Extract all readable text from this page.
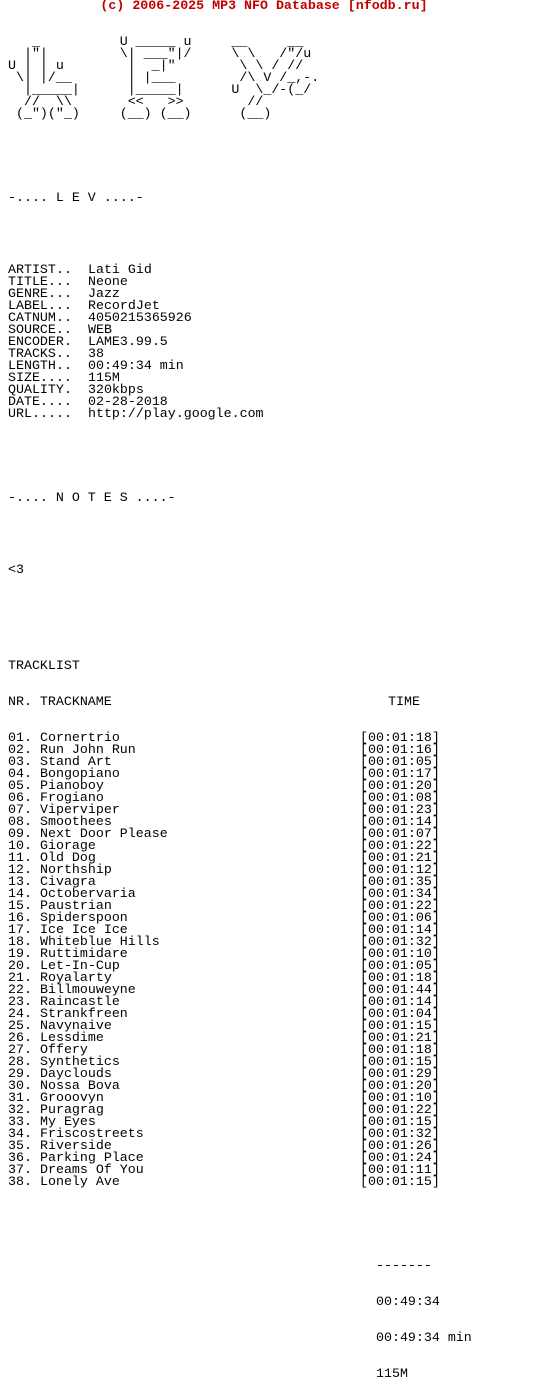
(c) 2006-2025 MP3 NFO Database [nfodb.ru]

_          U _____ u     __     __
|"|         \| ___"|/     \ \   /"/u
U | | u        |  _|"        \ \ / //
\| |/__       | |___        /\ V /_,-.
|_____|      |_____|      U  \_/-(_/
//  \\       <<   >>        //
(_")("_)     (__) (__)      (__)

-.... L E V ....-

ARTIST.. Lati Gid
TITLE... Neone
GENRE... Jazz
LABEL... RecordJet
CATNUM.. 4050215365926
SOURCE.. WEB
ENCODER. LAME3.99.5
TRACKS.. 38
LENGTH.. 00:49:34 min
SIZE.... 115M
QUALITY. 320kbps
DATE.... 02-28-2018
URL..... http://play.google.com

-.... N O T E S ....-

<3

TRACKLIST

NR. TRACKNAME	TIME

01. Cornertrio	[00:01:18]
02. Run John Run	[00:01:16]
03. Stand Art	[00:01:05]
04. Bongopiano	[00:01:17]
05. Pianoboy	[00:01:20]
06. Frogiano	[00:01:08]
07. Viperviper	[00:01:23]
08. Smoothees	[00:01:14]
09. Next Door Please	[00:01:07]
10. Giorage	[00:01:22]
11. Old Dog	[00:01:21]
12. Northship	[00:01:12]
13. Civagra	[00:01:35]
14. Octobervaria	[00:01:34]
15. Paustrian	[00:01:22]
16. Spiderspoon	[00:01:06]
17. Ice Ice Ice	[00:01:14]
18. Whiteblue Hills	[00:01:32]
19. Ruttimidare	[00:01:10]
20. Let-In-Cup	[00:01:05]
21. Royalarty	[00:01:18]
22. Billmouweyne	[00:01:44]
23. Raincastle	[00:01:14]
24. Strankfreen	[00:01:04]
25. Navynaive	[00:01:15]
26. Lessdime	[00:01:21]
27. Offery	[00:01:18]
28. Synthetics	[00:01:15]
29. Dayclouds	[00:01:29]
30. Nossa Bova	[00:01:20]
31. Grooovyn	[00:01:10]
32. Puragrag	[00:01:22]
33. My Eyes	[00:01:15]
34. Friscostreets	[00:01:32]
35. Riverside	[00:01:26]
36. Parking Place	[00:01:24]
37. Dreams Of You	[00:01:11]
38. Lonely Ave	[00:01:15]

-------

00:49:34

00:49:34 min

115M
